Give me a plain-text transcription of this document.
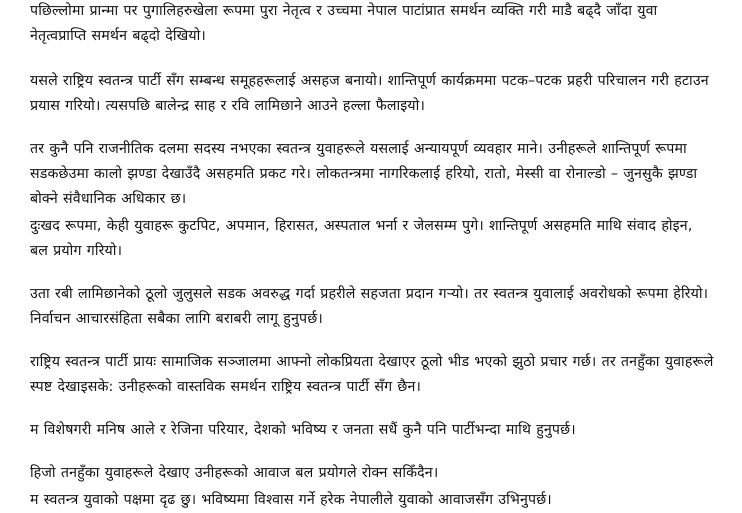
पछिल्लोमा प्रान्मा पर पुगालिहरुखेला रूपमा पुरा नेतृत्व र उच्चमा नेपाल पाटांप्रात समर्थन व्यक्ति गरी माडै बढ्दै जाँदा युवा नेतृत्वप्राप्ति समर्थन बढ्दो देखियो।

यसले राष्ट्रिय स्वतन्त्र पार्टी सँग सम्बन्ध समूहहरूलाई असहज बनायो। शान्तिपूर्ण कार्यक्रममा पटक–पटक प्रहरी परिचालन गरी हटाउन प्रयास गरियो। त्यसपछि बालेन्द्र साह र रवि लामिछाने आउने हल्ला फैलाइयो।

तर कुनै पनि राजनीतिक दलमा सदस्य नभएका स्वतन्त्र युवाहरूले यसलाई अन्यायपूर्ण व्यवहार माने। उनीहरूले शान्तिपूर्ण रूपमा सडकछेउमा कालो झण्डा देखाउँदै असहमति प्रकट गरे। लोकतन्त्रमा नागरिकलाई हरियो, रातो, मेस्सी वा रोनाल्डो – जुनसुकै झण्डा बोक्ने संवैधानिक अधिकार छ।

दुःखद रूपमा, केही युवाहरू कुटपिट, अपमान, हिरासत, अस्पताल भर्ना र जेलसम्म पुगे। शान्तिपूर्ण असहमति माथि संवाद होइन, बल प्रयोग गरियो।

उता रबी लामिछानेको ठूलो जुलुसले सडक अवरुद्ध गर्दा प्रहरीले सहजता प्रदान गर्‍यो। तर स्वतन्त्र युवालाई अवरोधको रूपमा हेरियो। निर्वाचन आचारसंहिता सबैका लागि बराबरी लागू हुनुपर्छ।

राष्ट्रिय स्वतन्त्र पार्टी प्रायः सामाजिक सञ्जालमा आफ्नो लोकप्रियता देखाएर ठूलो भीड भएको झुठो प्रचार गर्छ। तर तनहुँका युवाहरूले स्पष्ट देखाइसके: उनीहरूको वास्तविक समर्थन राष्ट्रिय स्वतन्त्र पार्टी सँग छैन।

म विशेषगरी मनिष आले र रेजिना परियार, देशको भविष्य र जनता सधैं कुनै पनि पार्टीभन्दा माथि हुनुपर्छ।

हिजो तनहुँका युवाहरूले देखाए उनीहरूको आवाज बल प्रयोगले रोक्न सकिँदैन।

म स्वतन्त्र युवाको पक्षमा दृढ छु। भविष्यमा विश्वास गर्ने हरेक नेपालीले युवाको आवाजसँग उभिनुपर्छ।
